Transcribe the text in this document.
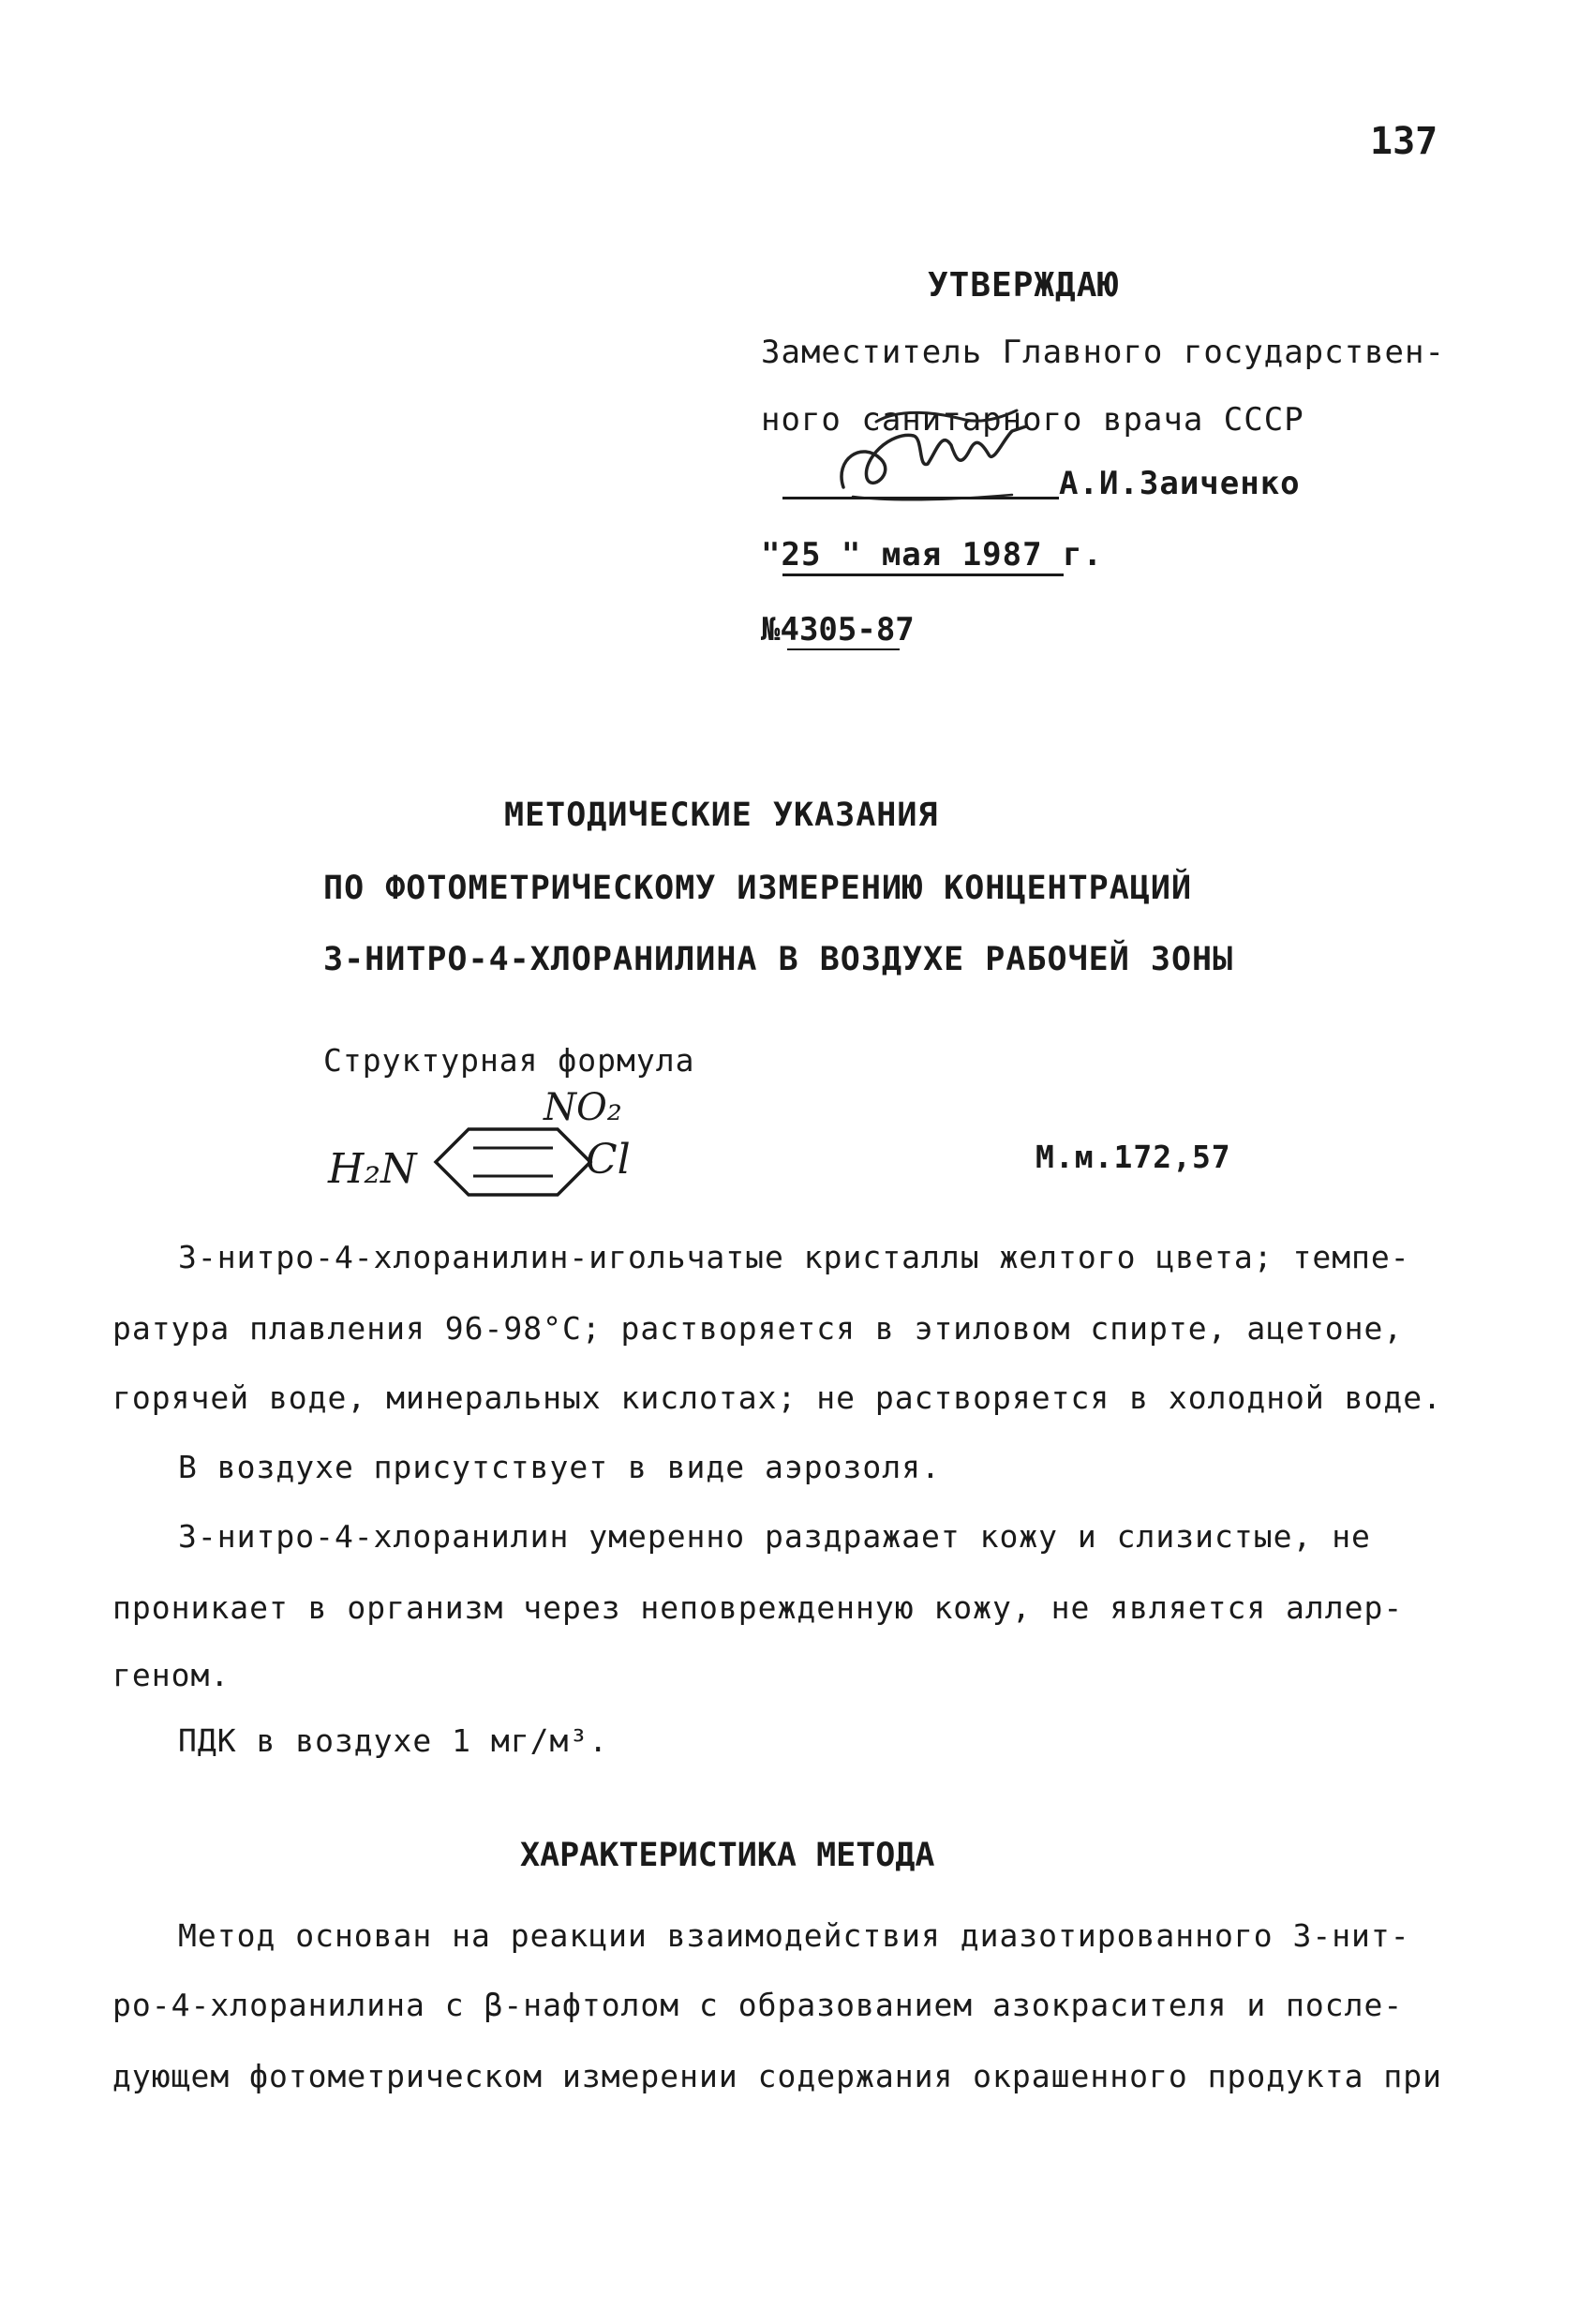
137
УТВЕРЖДАЮ
Заместитель Главного государствен-
ного санитарного врача СССР
А.И.Заиченко
"25 " мая 1987 г.
№4305-87
МЕТОДИЧЕСКИЕ УКАЗАНИЯ
ПО ФОТОМЕТРИЧЕСКОМУ ИЗМЕРЕНИЮ КОНЦЕНТРАЦИЙ
3-НИТРО-4-ХЛОРАНИЛИНА В ВОЗДУХЕ РАБОЧЕЙ ЗОНЫ
Структурная формула
H₂N
NO₂
Cl	М.м.172,57
3-нитро-4-хлоранилин-игольчатые кристаллы желтого цвета; темпе-
ратура плавления 96-98°С; растворяется в этиловом спирте, ацетоне,
горячей воде, минеральных кислотах; не растворяется в холодной воде.
В воздухе присутствует в виде аэрозоля.
3-нитро-4-хлоранилин умеренно раздражает кожу и слизистые, не
проникает в организм через неповрежденную кожу, не является аллер-
геном.
ПДК в воздухе 1 мг/м³.
ХАРАКТЕРИСТИКА МЕТОДА
Метод основан на реакции взаимодействия диазотированного 3-нит-
ро-4-хлоранилина с β-нафтолом с образованием азокрасителя и после-
дующем фотометрическом измерении содержания окрашенного продукта при
